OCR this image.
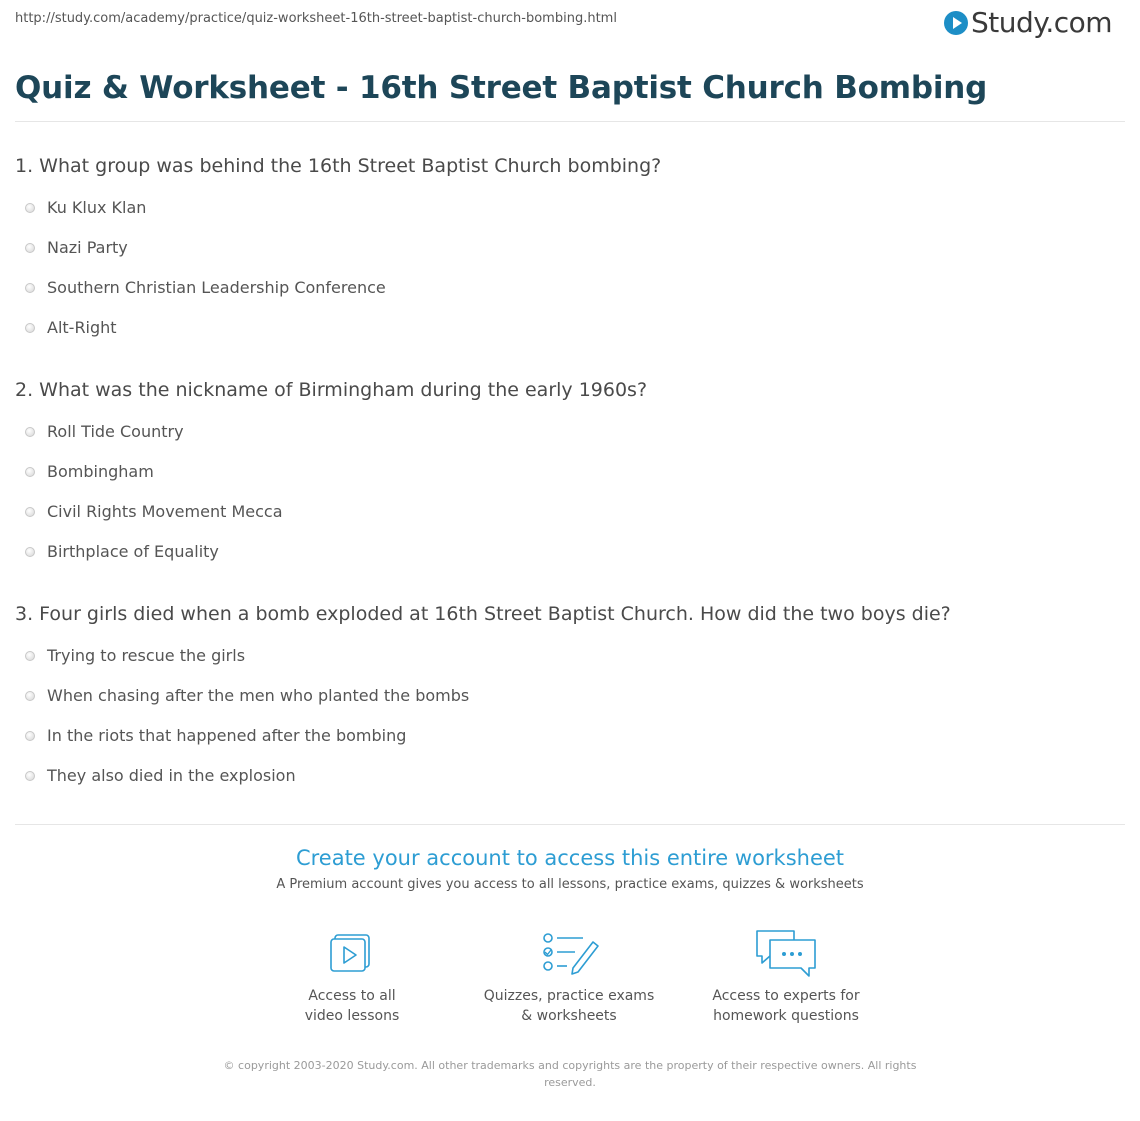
http://study.com/academy/practice/quiz-worksheet-16th-street-baptist-church-bombing.html	Study.com
Quiz & Worksheet - 16th Street Baptist Church Bombing
1. What group was behind the 16th Street Baptist Church bombing?
Ku Klux Klan
Nazi Party
Southern Christian Leadership Conference
Alt-Right
2. What was the nickname of Birmingham during the early 1960s?
Roll Tide Country
Bombingham
Civil Rights Movement Mecca
Birthplace of Equality
3. Four girls died when a bomb exploded at 16th Street Baptist Church. How did the two boys die?
Trying to rescue the girls
When chasing after the men who planted the bombs
In the riots that happened after the bombing
They also died in the explosion
Create your account to access this entire worksheet
A Premium account gives you access to all lessons, practice exams, quizzes & worksheets
Access to all
video lessons
Quizzes, practice exams
& worksheets
Access to experts for
homework questions
© copyright 2003-2020 Study.com. All other trademarks and copyrights are the property of their respective owners. All rights reserved.
